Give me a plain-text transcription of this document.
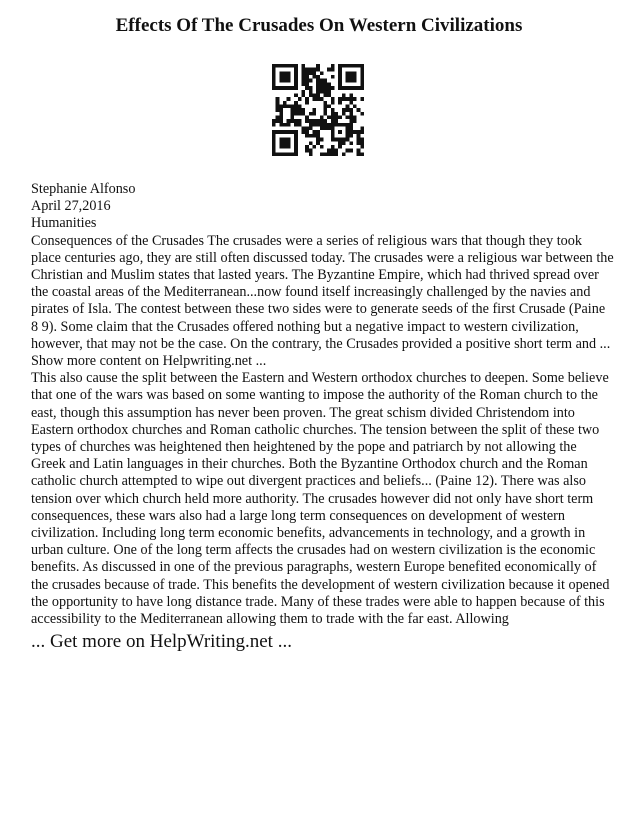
Effects Of The Crusades On Western Civilizations
Stephanie Alfonso
April 27,2016
Humanities
Consequences of the Crusades The crusades were a series of religious wars that though they took
place centuries ago, they are still often discussed today. The crusades were a religious war between the
Christian and Muslim states that lasted years. The Byzantine Empire, which had thrived spread over
the coastal areas of the Mediterranean...now found itself increasingly challenged by the navies and
pirates of Isla. The contest between these two sides were to generate seeds of the first Crusade (Paine
8 9). Some claim that the Crusades offered nothing but a negative impact to western civilization,
however, that may not be the case. On the contrary, the Crusades provided a positive short term and ...
Show more content on Helpwriting.net ...
This also cause the split between the Eastern and Western orthodox churches to deepen. Some believe
that one of the wars was based on some wanting to impose the authority of the Roman church to the
east, though this assumption has never been proven. The great schism divided Christendom into
Eastern orthodox churches and Roman catholic churches. The tension between the split of these two
types of churches was heightened then heightened by the pope and patriarch by not allowing the
Greek and Latin languages in their churches. Both the Byzantine Orthodox church and the Roman
catholic church attempted to wipe out divergent practices and beliefs... (Paine 12). There was also
tension over which church held more authority. The crusades however did not only have short term
consequences, these wars also had a large long term consequences on development of western
civilization. Including long term economic benefits, advancements in technology, and a growth in
urban culture. One of the long term affects the crusades had on western civilization is the economic
benefits. As discussed in one of the previous paragraphs, western Europe benefited economically of
the crusades because of trade. This benefits the development of western civilization because it opened
the opportunity to have long distance trade. Many of these trades were able to happen because of this
accessibility to the Mediterranean allowing them to trade with the far east. Allowing
... Get more on HelpWriting.net ...
